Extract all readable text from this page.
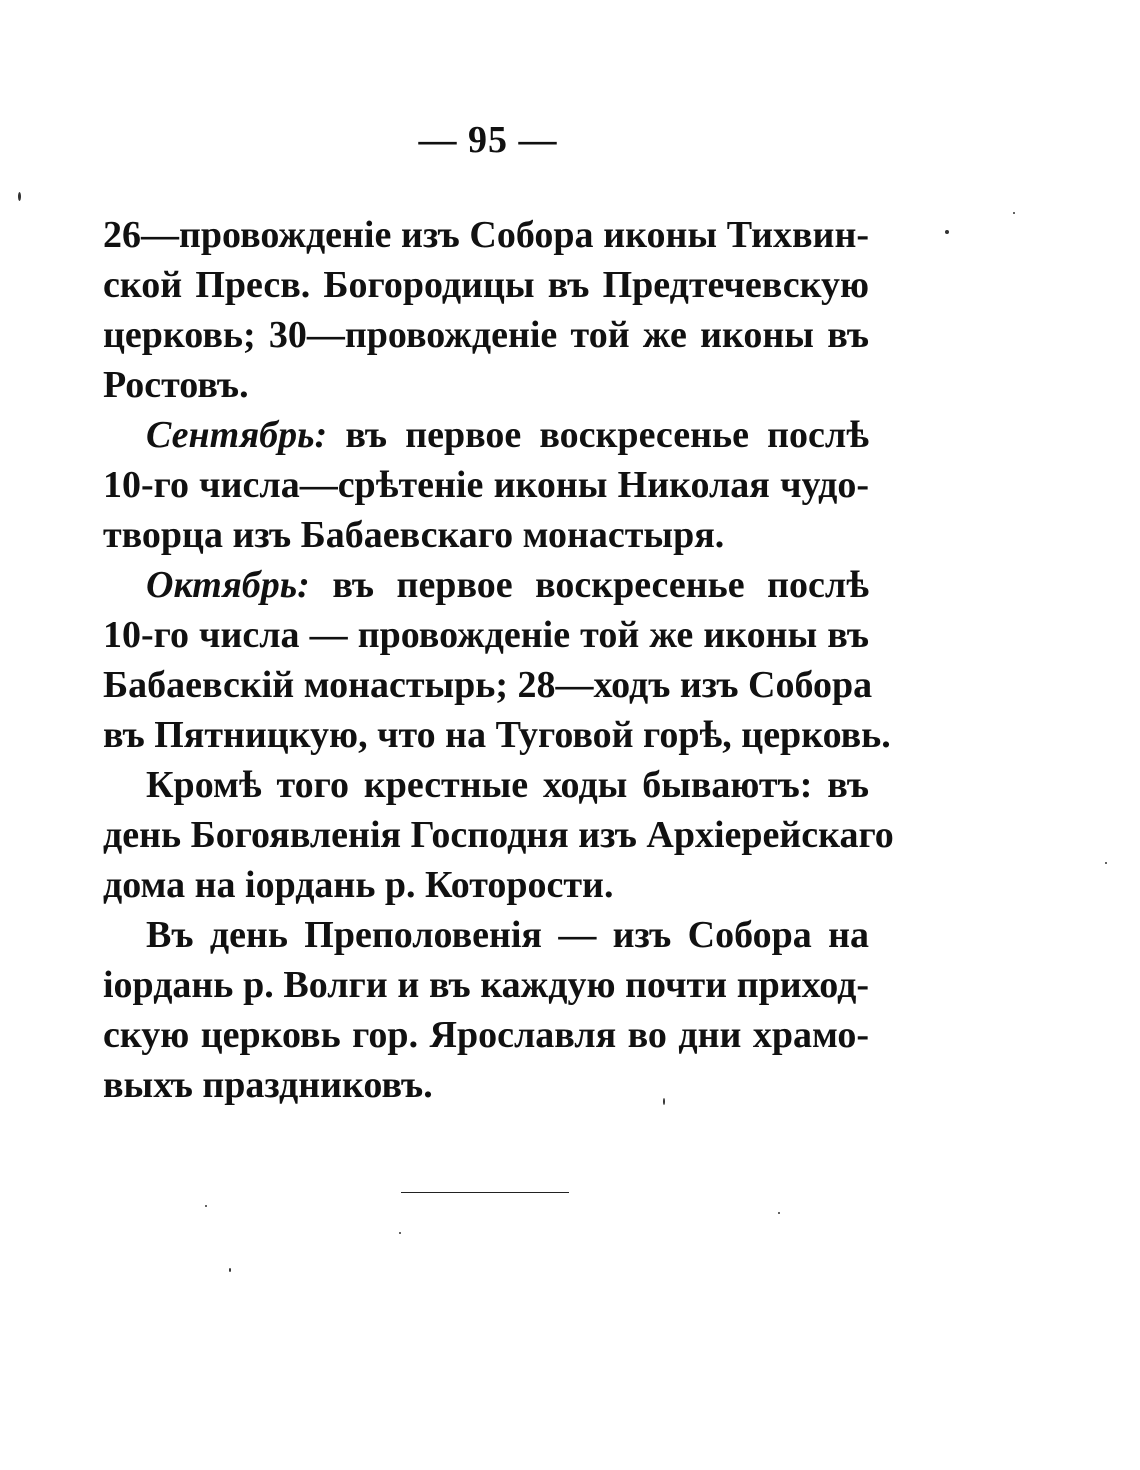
— 95 —
26—провожденіе изъ Собора иконы Тихвин-
ской Пресв. Богородицы въ Предтечевскую
церковь; 30—провожденіе той же иконы въ
Ростовъ.
Сентябрь: въ первое воскресенье послѣ
10-го числа—срѣтеніе иконы Николая чудо-
творца изъ Бабаевскаго монастыря.
Октябрь: въ первое воскресенье послѣ
10-го числа — провожденіе той же иконы въ
Бабаевскій монастырь; 28—ходъ изъ Собора
въ Пятницкую, что на Туговой горѣ, церковь.
Кромѣ того крестные ходы бываютъ: въ
день Богоявленія Господня изъ Архіерейскаго
дома на іордань р. Которости.
Въ день Преполовенія — изъ Собора на
іордань р. Волги и въ каждую почти приход-
скую церковь гор. Ярославля во дни храмо-
выхъ праздниковъ.
